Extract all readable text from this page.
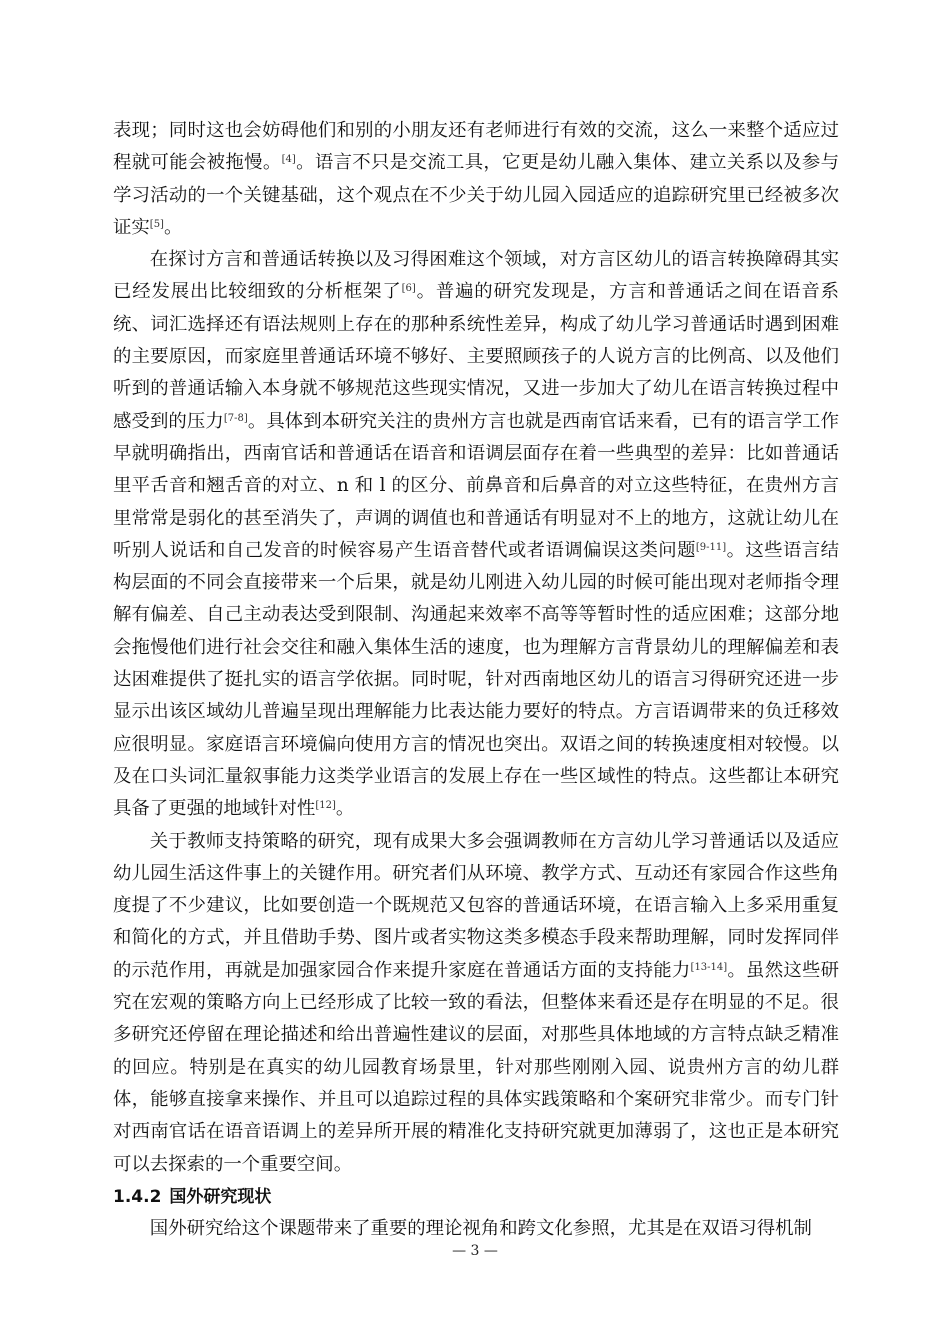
表现；同时这也会妨碍他们和别的小朋友还有老师进行有效的交流，这么一来整个适应过程就可能会被拖慢。[4]。语言不只是交流工具，它更是幼儿融入集体、建立关系以及参与学习活动的一个关键基础，这个观点在不少关于幼儿园入园适应的追踪研究里已经被多次证实[5]。

在探讨方言和普通话转换以及习得困难这个领域，对方言区幼儿的语言转换障碍其实已经发展出比较细致的分析框架了[6]。普遍的研究发现是，方言和普通话之间在语音系统、词汇选择还有语法规则上存在的那种系统性差异，构成了幼儿学习普通话时遇到困难的主要原因，而家庭里普通话环境不够好、主要照顾孩子的人说方言的比例高、以及他们听到的普通话输入本身就不够规范这些现实情况，又进一步加大了幼儿在语言转换过程中感受到的压力[7-8]。具体到本研究关注的贵州方言也就是西南官话来看，已有的语言学工作早就明确指出，西南官话和普通话在语音和语调层面存在着一些典型的差异：比如普通话里平舌音和翘舌音的对立、n 和 l 的区分、前鼻音和后鼻音的对立这些特征，在贵州方言里常常是弱化的甚至消失了，声调的调值也和普通话有明显对不上的地方，这就让幼儿在听别人说话和自己发音的时候容易产生语音替代或者语调偏误这类问题[9-11]。这些语言结构层面的不同会直接带来一个后果，就是幼儿刚进入幼儿园的时候可能出现对老师指令理解有偏差、自己主动表达受到限制、沟通起来效率不高等等暂时性的适应困难；这部分地会拖慢他们进行社会交往和融入集体生活的速度，也为理解方言背景幼儿的理解偏差和表达困难提供了挺扎实的语言学依据。同时呢，针对西南地区幼儿的语言习得研究还进一步显示出该区域幼儿普遍呈现出理解能力比表达能力要好的特点。方言语调带来的负迁移效应很明显。家庭语言环境偏向使用方言的情况也突出。双语之间的转换速度相对较慢。以及在口头词汇量叙事能力这类学业语言的发展上存在一些区域性的特点。这些都让本研究具备了更强的地域针对性[12]。

关于教师支持策略的研究，现有成果大多会强调教师在方言幼儿学习普通话以及适应幼儿园生活这件事上的关键作用。研究者们从环境、教学方式、互动还有家园合作这些角度提了不少建议，比如要创造一个既规范又包容的普通话环境，在语言输入上多采用重复和简化的方式，并且借助手势、图片或者实物这类多模态手段来帮助理解，同时发挥同伴的示范作用，再就是加强家园合作来提升家庭在普通话方面的支持能力[13-14]。虽然这些研究在宏观的策略方向上已经形成了比较一致的看法，但整体来看还是存在明显的不足。很多研究还停留在理论描述和给出普遍性建议的层面，对那些具体地域的方言特点缺乏精准的回应。特别是在真实的幼儿园教育场景里，针对那些刚刚入园、说贵州方言的幼儿群体，能够直接拿来操作、并且可以追踪过程的具体实践策略和个案研究非常少。而专门针对西南官话在语音语调上的差异所开展的精准化支持研究就更加薄弱了，这也正是本研究可以去探索的一个重要空间。

1.4.2 国外研究现状

国外研究给这个课题带来了重要的理论视角和跨文化参照，尤其是在双语习得机制

— 3 —
